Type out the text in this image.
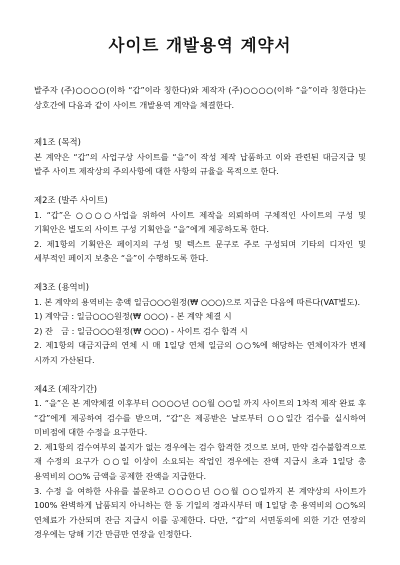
사이트 개발용역 계약서

발주자 (주)○○○○(이하 “갑”이라 칭한다)와 제작자 (주)○○○○(이하 “을”이라 칭한다)는 상호간에 다음과 같이 사이트 개발용역 계약을 체결한다.

제1조 (목적)

본 계약은 “갑”의 사업구상 사이트를 “을”이 작성 제작 납품하고 이와 관련된 대금지급 및 발주 사이트 제작상의 주의사항에 대한 사항의 규율을 목적으로 한다.

제2조 (발주 사이트)

1. “갑”은 ○○○○사업을 위하여 사이트 제작을 의뢰하며 구체적인 사이트의 구성 및 기획안은 별도의 사이트 구성 기획안을 “을”에게 제공하도록 한다.

2. 제1항의 기획안은 페이지의 구성 및 텍스트 문구로 주로 구성되며 기타의 디자인 및 세부적인 페이지 보충은 “을”이 수행하도록 한다.

제3조 (용역비)

1. 본 계약의 용역비는 총액 일금○○○원정(₩ ○○○)으로 지급은 다음에 따른다(VAT별도).

1) 계약금 : 일금○○○원정(₩ ○○○) - 본 계약 체결 시

2) 잔　금 : 일금○○○원정(₩ ○○○) - 사이트 검수 합격 시

2. 제1항의 대금지급의 연체 시 매 1일당 연체 일금의 ○○%에 해당하는 연체이자가 변제 시까지 가산된다.

제4조 (제작기간)

1. “을”은 본 계약체결 이후부터 ○○○○년 ○○월 ○○일 까지 사이트의 1차적 제작 완료 후 “갑”에게 제공하여 검수를 받으며, “갑”은 제공받은 날로부터 ○○일간 검수를 실시하여 미비점에 대한 수정을 요구한다.

2. 제1항의 검수여부의 불지가 없는 경우에는 검수 합격한 것으로 보며, 만약 검수불합격으로 재 수정의 요구가 ○○일 이상이 소요되는 작업인 경우에는 잔액 지급시 초과 1일당 총 용역비의 ○○% 금액을 공제한 잔액을 지급한다.

3. 수정 을 여하한 사유를 불문하고 ○○○○년 ○○월 ○○일까지 본 계약상의 사이트가 100% 완벽하게 납품되지 아니하는 한 동 기일의 경과시부터 매 1일당 총 용역비의 ○○%의 연체료가 가산되며 잔금 지급시 이를 공제한다. 다만, “갑”의 서면동의에 의한 기간 연장의 경우에는 당해 기간 만큼만 연장을 인정한다.
